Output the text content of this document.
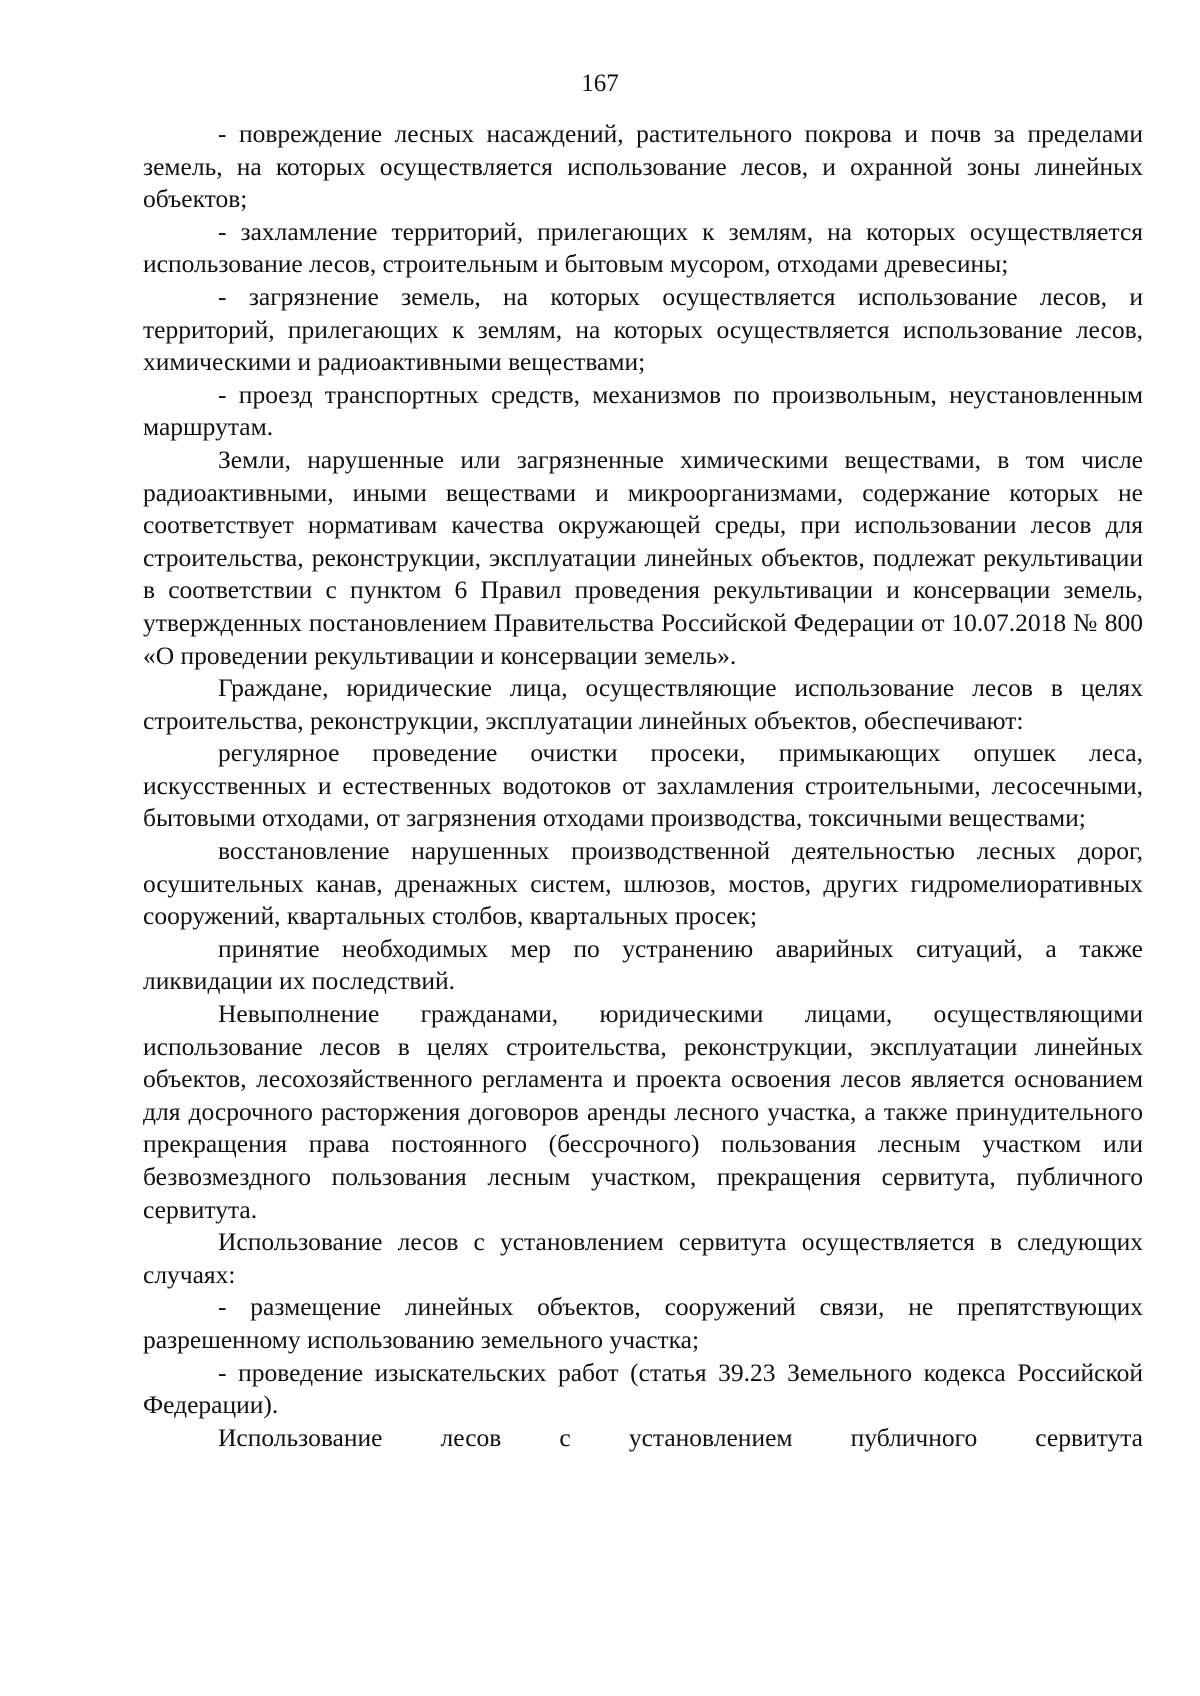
167

- повреждение лесных насаждений, растительного покрова и почв за пределами земель, на которых осуществляется использование лесов, и охранной зоны линейных объектов;

- захламление территорий, прилегающих к землям, на которых осуществляется использование лесов, строительным и бытовым мусором, отходами древесины;

- загрязнение земель, на которых осуществляется использование лесов, и территорий, прилегающих к землям, на которых осуществляется использование лесов, химическими и радиоактивными веществами;

- проезд транспортных средств, механизмов по произвольным, неустановленным маршрутам.

Земли, нарушенные или загрязненные химическими веществами, в том числе радиоактивными, иными веществами и микроорганизмами, содержание которых не соответствует нормативам качества окружающей среды, при использовании лесов для строительства, реконструкции, эксплуатации линейных объектов, подлежат рекультивации в соответствии с пунктом 6 Правил проведения рекультивации и консервации земель, утвержденных постановлением Правительства Российской Федерации от 10.07.2018 № 800 «О проведении рекультивации и консервации земель».

Граждане, юридические лица, осуществляющие использование лесов в целях строительства, реконструкции, эксплуатации линейных объектов, обеспечивают:

регулярное проведение очистки просеки, примыкающих опушек леса, искусственных и естественных водотоков от захламления строительными, лесосечными, бытовыми отходами, от загрязнения отходами производства, токсичными веществами;

восстановление нарушенных производственной деятельностью лесных дорог, осушительных канав, дренажных систем, шлюзов, мостов, других гидромелиоративных сооружений, квартальных столбов, квартальных просек;

принятие необходимых мер по устранению аварийных ситуаций, а также ликвидации их последствий.

Невыполнение гражданами, юридическими лицами, осуществляющими использование лесов в целях строительства, реконструкции, эксплуатации линейных объектов, лесохозяйственного регламента и проекта освоения лесов является основанием для досрочного расторжения договоров аренды лесного участка, а также принудительного прекращения права постоянного (бессрочного) пользования лесным участком или безвозмездного пользования лесным участком, прекращения сервитута, публичного сервитута.

Использование лесов с установлением сервитута осуществляется в следующих случаях:

- размещение линейных объектов, сооружений связи, не препятствующих разрешенному использованию земельного участка;

- проведение изыскательских работ (статья 39.23 Земельного кодекса Российской Федерации).

Использование лесов с установлением публичного сервитута
